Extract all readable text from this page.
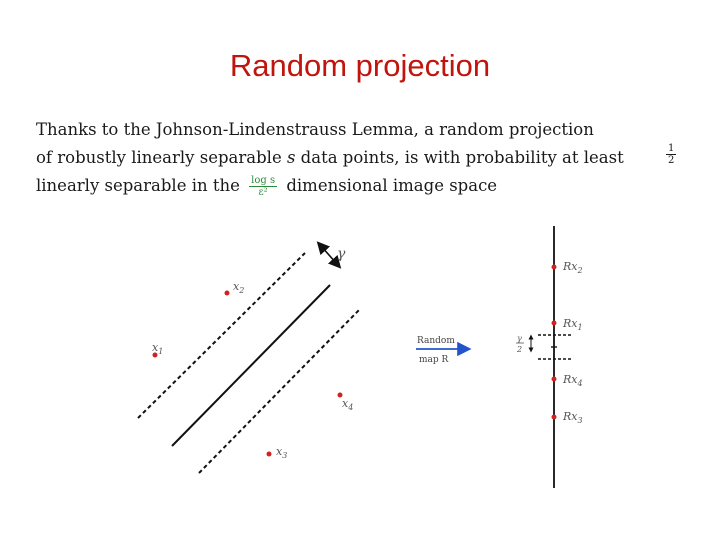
Random projection
Thanks to the Johnson-Lindenstrauss Lemma, a random projection
of robustly linearly separable s data points, is with probability at least	$\frac{1}{2}$
linearly separable in the $\frac{\text{log s}}{\text{ε²}}$ dimensional image space
γ
$x_2$
$x_1$
$x_4$
$x_3$
Random
map R
γ
2
$Rx_2$
$Rx_1$
$Rx_4$
$Rx_3$
